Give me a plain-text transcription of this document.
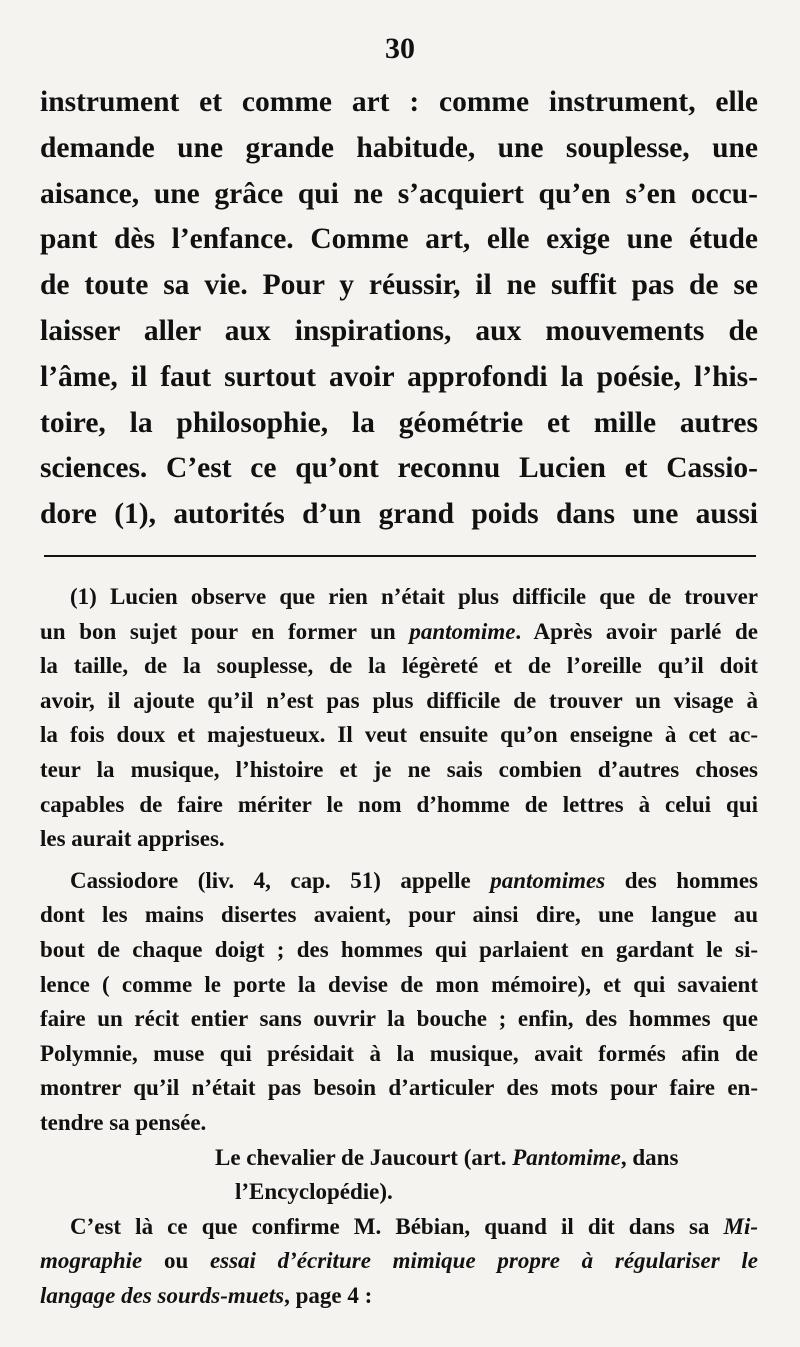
30
instrument et comme art : comme instrument, elle
demande une grande habitude, une souplesse, une
aisance, une grâce qui ne s’acquiert qu’en s’en occu-
pant dès l’enfance. Comme art, elle exige une étude
de toute sa vie. Pour y réussir, il ne suffit pas de se
laisser aller aux inspirations, aux mouvements de
l’âme, il faut surtout avoir approfondi la poésie, l’his-
toire, la philosophie, la géométrie et mille autres
sciences. C’est ce qu’ont reconnu Lucien et Cassio-
dore (1), autorités d’un grand poids dans une aussi
(1) Lucien observe que rien n’était plus difficile que de trouver
un bon sujet pour en former un pantomime. Après avoir parlé de
la taille, de la souplesse, de la légèreté et de l’oreille qu’il doit
avoir, il ajoute qu’il n’est pas plus difficile de trouver un visage à
la fois doux et majestueux. Il veut ensuite qu’on enseigne à cet ac-
teur la musique, l’histoire et je ne sais combien d’autres choses
capables de faire mériter le nom d’homme de lettres à celui qui
les aurait apprises.
Cassiodore (liv. 4, cap. 51) appelle pantomimes des hommes
dont les mains disertes avaient, pour ainsi dire, une langue au
bout de chaque doigt ; des hommes qui parlaient en gardant le si-
lence ( comme le porte la devise de mon mémoire), et qui savaient
faire un récit entier sans ouvrir la bouche ; enfin, des hommes que
Polymnie, muse qui présidait à la musique, avait formés afin de
montrer qu’il n’était pas besoin d’articuler des mots pour faire en-
tendre sa pensée.
Le chevalier de Jaucourt (art. Pantomime, dans
l’Encyclopédie).
C’est là ce que confirme M. Bébian, quand il dit dans sa Mi-
mographie ou essai d’écriture mimique propre à régulariser le
langage des sourds-muets, page 4 :
